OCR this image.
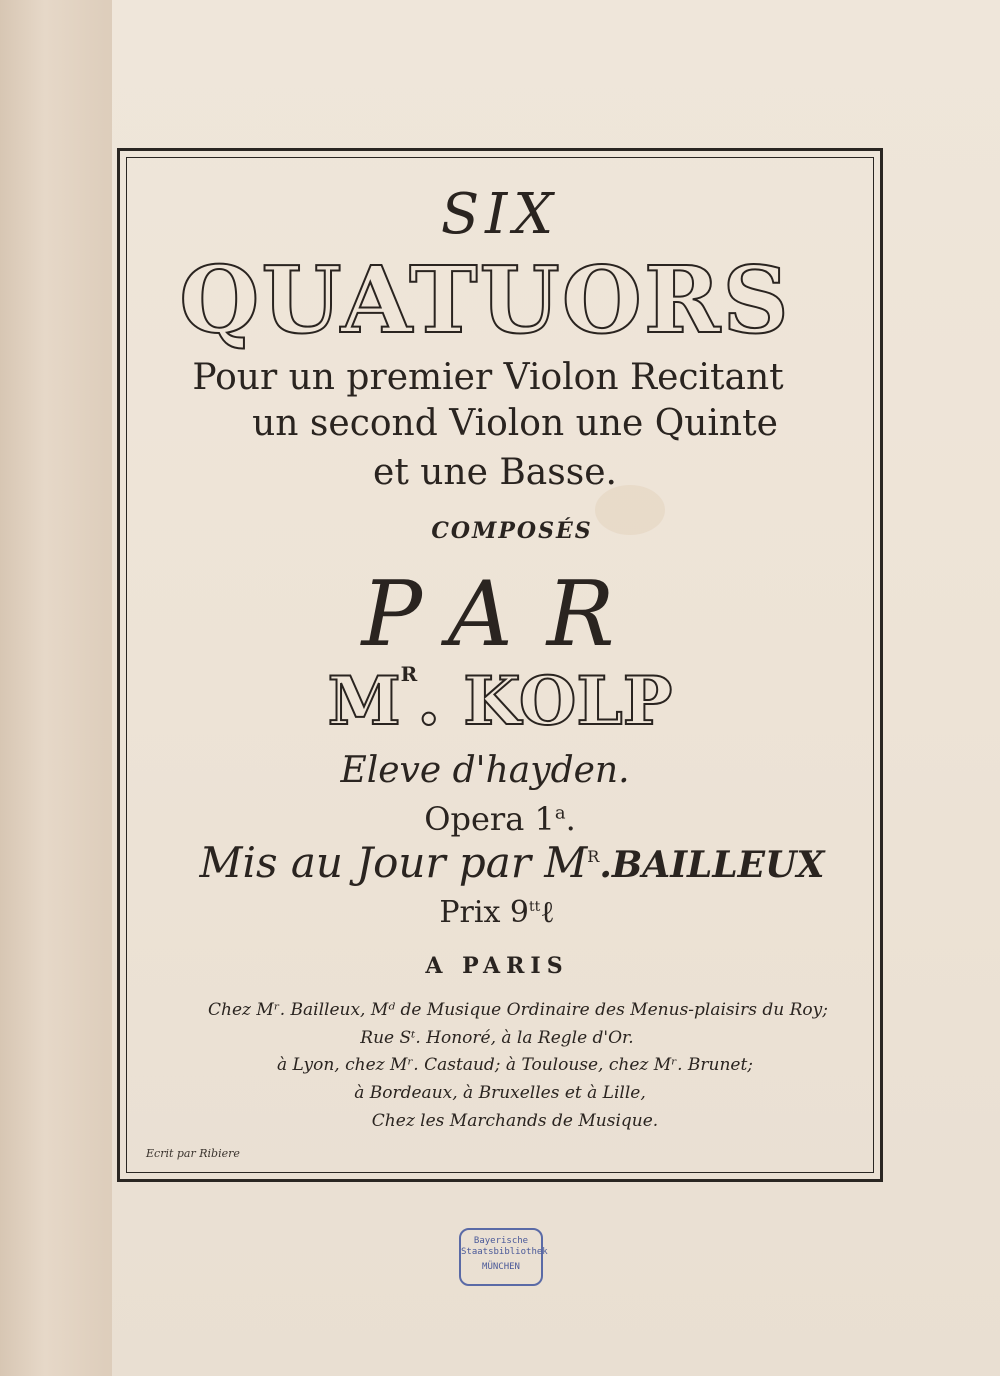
SIX
QUATUORS
Pour un premier Violon Recitant
un second Violon une Quinte
et une Basse.
COMPOSÉS
PAR
$M^R$. KOLP
Eleve d'hayden.
Opera 1$^a$.
Mis au Jour par $M^R.BAILLEUX$
Prix $9^{tt}\ell$
A PARIS
Chez Mʳ. Bailleux, Mᵈ de Musique Ordinaire des Menus-plaisirs du Roy;
Rue Sᵗ. Honoré, à la Regle d'Or.
à Lyon, chez Mʳ. Castaud; à Toulouse, chez Mʳ. Brunet;
à Bordeaux, à Bruxelles et à Lille,
Chez les Marchands de Musique.
Ecrit par Ribiere
Bayerische
Staatsbibliothek
MÜNCHEN
